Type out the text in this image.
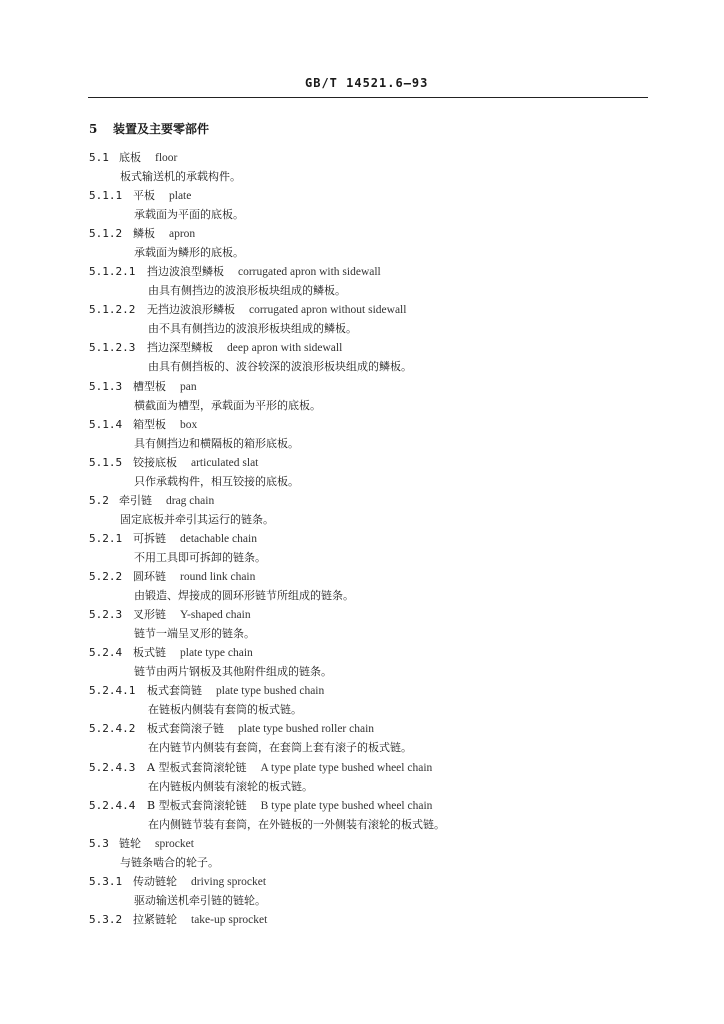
GB/T 14521.6—93
5 装置及主要零部件
5.1 底板 floor
板式输送机的承载构件。
5.1.1 平板 plate
承载面为平面的底板。
5.1.2 鳞板 apron
承载面为鳞形的底板。
5.1.2.1 挡边波浪型鳞板 corrugated apron with sidewall
由具有侧挡边的波浪形板块组成的鳞板。
5.1.2.2 无挡边波浪形鳞板 corrugated apron without sidewall
由不具有侧挡边的波浪形板块组成的鳞板。
5.1.2.3 挡边深型鳞板 deep apron with sidewall
由具有侧挡板的、波谷较深的波浪形板块组成的鳞板。
5.1.3 槽型板 pan
横截面为槽型，承载面为平形的底板。
5.1.4 箱型板 box
具有侧挡边和横隔板的箱形底板。
5.1.5 铰接底板 articulated slat
只作承载构件，相互铰接的底板。
5.2 牵引链 drag chain
固定底板并牵引其运行的链条。
5.2.1 可拆链 detachable chain
不用工具即可拆卸的链条。
5.2.2 圆环链 round link chain
由锻造、焊接成的圆环形链节所组成的链条。
5.2.3 叉形链 Y-shaped chain
链节一端呈叉形的链条。
5.2.4 板式链 plate type chain
链节由两片钢板及其他附件组成的链条。
5.2.4.1 板式套筒链 plate type bushed chain
在链板内侧装有套筒的板式链。
5.2.4.2 板式套筒滚子链 plate type bushed roller chain
在内链节内侧装有套筒，在套筒上套有滚子的板式链。
5.2.4.3 A 型板式套筒滚轮链 A type plate type bushed wheel chain
在内链板内侧装有滚轮的板式链。
5.2.4.4 B 型板式套筒滚轮链 B type plate type bushed wheel chain
在内侧链节装有套筒，在外链板的一外侧装有滚轮的板式链。
5.3 链轮 sprocket
与链条啮合的轮子。
5.3.1 传动链轮 driving sprocket
驱动输送机牵引链的链轮。
5.3.2 拉紧链轮 take-up sprocket
